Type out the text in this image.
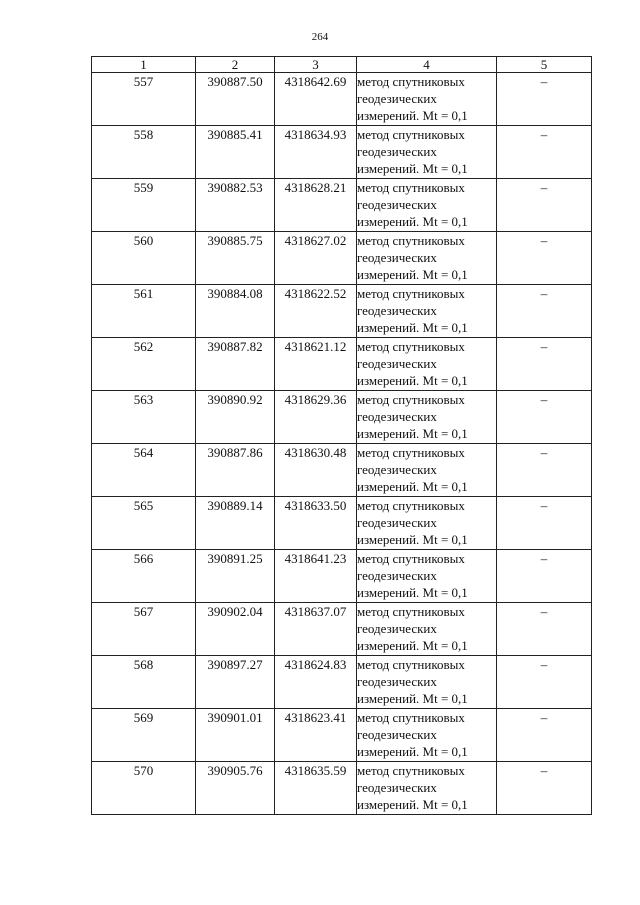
264
1	2	3	4	5
557	390887.50	4318642.69	метод спутниковых
геодезических
измерений. Mt = 0,1	–
558	390885.41	4318634.93	метод спутниковых
геодезических
измерений. Mt = 0,1	–
559	390882.53	4318628.21	метод спутниковых
геодезических
измерений. Mt = 0,1	–
560	390885.75	4318627.02	метод спутниковых
геодезических
измерений. Mt = 0,1	–
561	390884.08	4318622.52	метод спутниковых
геодезических
измерений. Mt = 0,1	–
562	390887.82	4318621.12	метод спутниковых
геодезических
измерений. Mt = 0,1	–
563	390890.92	4318629.36	метод спутниковых
геодезических
измерений. Mt = 0,1	–
564	390887.86	4318630.48	метод спутниковых
геодезических
измерений. Mt = 0,1	–
565	390889.14	4318633.50	метод спутниковых
геодезических
измерений. Mt = 0,1	–
566	390891.25	4318641.23	метод спутниковых
геодезических
измерений. Mt = 0,1	–
567	390902.04	4318637.07	метод спутниковых
геодезических
измерений. Mt = 0,1	–
568	390897.27	4318624.83	метод спутниковых
геодезических
измерений. Mt = 0,1	–
569	390901.01	4318623.41	метод спутниковых
геодезических
измерений. Mt = 0,1	–
570	390905.76	4318635.59	метод спутниковых
геодезических
измерений. Mt = 0,1	–
